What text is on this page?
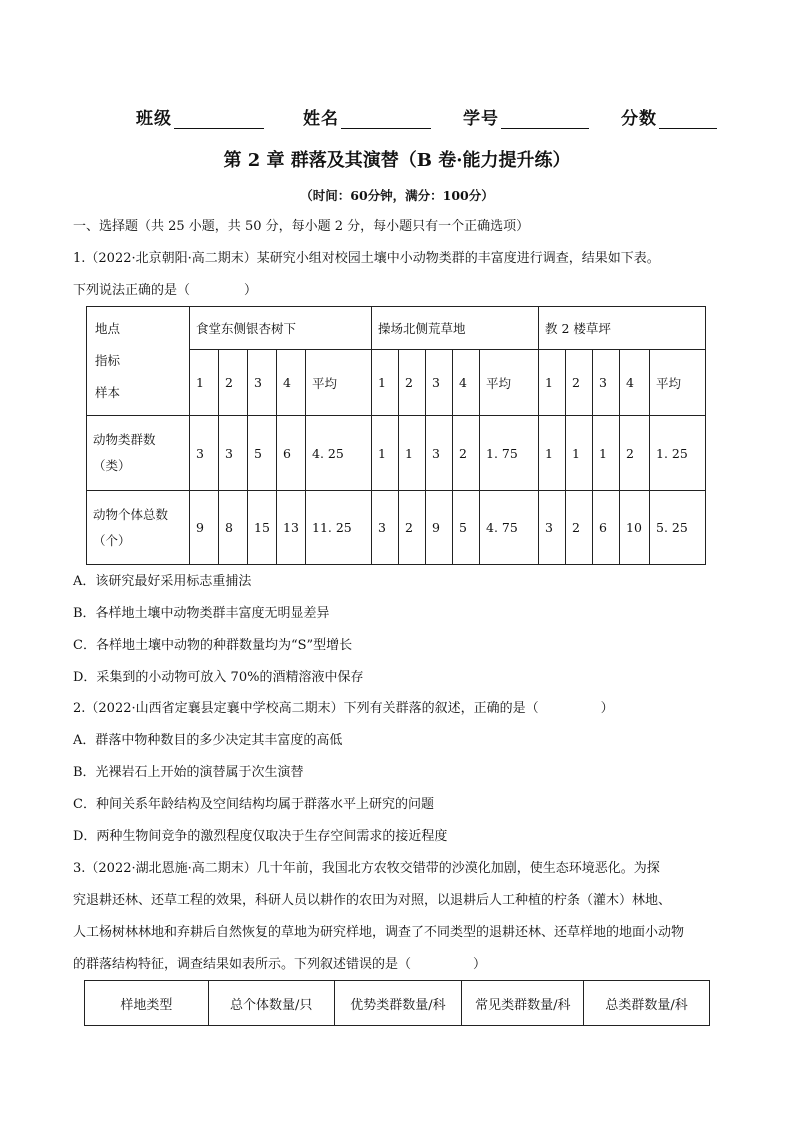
班级	姓名	学号	分数
第 2 章 群落及其演替（B 卷·能力提升练）
（时间：60分钟，满分：100分）
一、选择题（共 25 小题，共 50 分，每小题 2 分，每小题只有一个正确选项）
1.（2022·北京朝阳·高二期末）某研究小组对校园土壤中小动物类群的丰富度进行调查，结果如下表。
下列说法正确的是（	）
地点
指标
样本	食堂东侧银杏树下					操场北侧荒草地					教 2 楼草坪				
	1	2	3	4	平均	1	2	3	4	平均	1	2	3	4	平均
动物类群数
（类）	3	3	5	6	4. 25	1	1	3	2	1. 75	1	1	1	2	1. 25
动物个体总数
（个）	9	8	15	13	11. 25	3	2	9	5	4. 75	3	2	6	10	5. 25
A．该研究最好采用标志重捕法
B．各样地土壤中动物类群丰富度无明显差异
C．各样地土壤中动物的种群数量均为“S”型增长
D．采集到的小动物可放入 70%的酒精溶液中保存
2.（2022·山西省定襄县定襄中学校高二期末）下列有关群落的叙述，正确的是（	）
A．群落中物种数目的多少决定其丰富度的高低
B．光裸岩石上开始的演替属于次生演替
C．种间关系年龄结构及空间结构均属于群落水平上研究的问题
D．两种生物间竞争的激烈程度仅取决于生存空间需求的接近程度
3.（2022·湖北恩施·高二期末）几十年前，我国北方农牧交错带的沙漠化加剧，使生态环境恶化。为探
究退耕还林、还草工程的效果，科研人员以耕作的农田为对照，以退耕后人工种植的柠条（灌木）林地、
人工杨树林林地和弃耕后自然恢复的草地为研究样地，调查了不同类型的退耕还林、还草样地的地面小动物
的群落结构特征，调查结果如表所示。下列叙述错误的是（	）
样地类型	总个体数量/只	优势类群数量/科	常见类群数量/科	总类群数量/科
